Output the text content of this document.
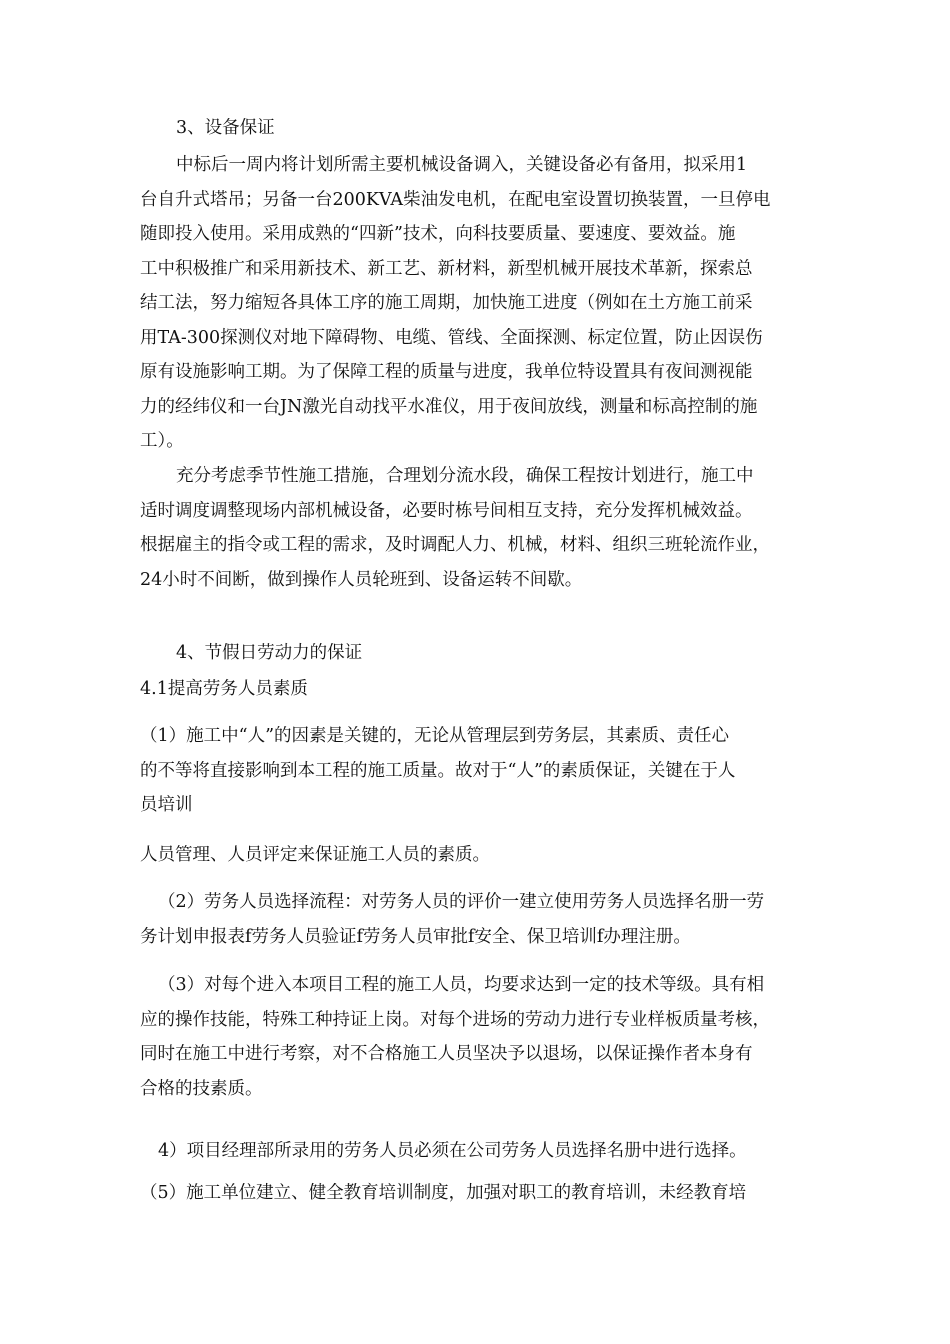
3、设备保证
中标后一周内将计划所需主要机械设备调入，关键设备必有备用，拟采用1
台自升式塔吊；另备一台200KVA柴油发电机，在配电室设置切换装置，一旦停电
随即投入使用。采用成熟的“四新”技术，向科技要质量、要速度、要效益。施
工中积极推广和采用新技术、新工艺、新材料，新型机械开展技术革新，探索总
结工法，努力缩短各具体工序的施工周期，加快施工进度（例如在土方施工前采
用TA-300探测仪对地下障碍物、电缆、管线、全面探测、标定位置，防止因误伤
原有设施影响工期。为了保障工程的质量与进度，我单位特设置具有夜间测视能
力的经纬仪和一台JN激光自动找平水准仪，用于夜间放线，测量和标高控制的施
工）。
充分考虑季节性施工措施，合理划分流水段，确保工程按计划进行，施工中
适时调度调整现场内部机械设备，必要时栋号间相互支持，充分发挥机械效益。
根据雇主的指令或工程的需求，及时调配人力、机械，材料、组织三班轮流作业，
24小时不间断，做到操作人员轮班到、设备运转不间歇。
4、节假日劳动力的保证
4.1提高劳务人员素质
（1）施工中“人”的因素是关键的，无论从管理层到劳务层，其素质、责任心
的不等将直接影响到本工程的施工质量。故对于“人”的素质保证，关键在于人
员培训
人员管理、人员评定来保证施工人员的素质。
（2）劳务人员选择流程：对劳务人员的评价一建立使用劳务人员选择名册一劳
务计划申报表f劳务人员验证f劳务人员审批f安全、保卫培训f办理注册。
（3）对每个进入本项目工程的施工人员，均要求达到一定的技术等级。具有相
应的操作技能，特殊工种持证上岗。对每个进场的劳动力进行专业样板质量考核，
同时在施工中进行考察，对不合格施工人员坚决予以退场，以保证操作者本身有
合格的技素质。
4）项目经理部所录用的劳务人员必须在公司劳务人员选择名册中进行选择。
（5）施工单位建立、健全教育培训制度，加强对职工的教育培训，未经教育培
